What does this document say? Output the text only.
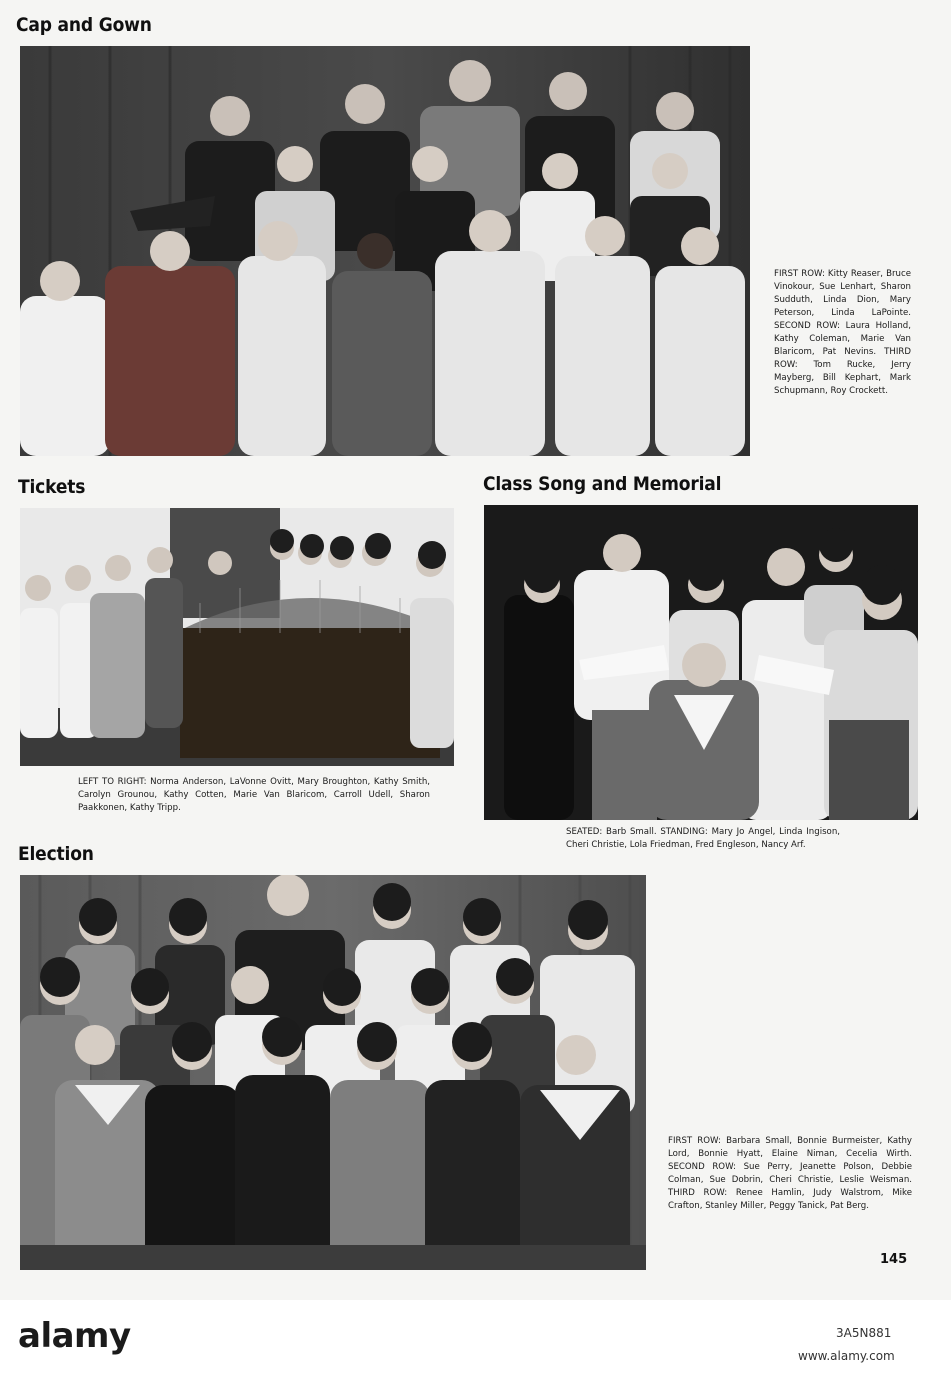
Cap and Gown
FIRST ROW: Kitty Reaser, Bruce Vinokour, Sue Lenhart, Sharon Sudduth, Linda Dion, Mary Peterson, Linda LaPointe. SECOND ROW: Laura Holland, Kathy Coleman, Marie Van Blaricom, Pat Nevins. THIRD ROW: Tom Rucke, Jerry Mayberg, Bill Kephart, Mark Schupmann, Roy Crockett.
Tickets
LEFT TO RIGHT: Norma Anderson, LaVonne Ovitt, Mary Broughton, Kathy Smith, Carolyn Grounou, Kathy Cotten, Marie Van Blaricom, Carroll Udell, Sharon Paakkonen, Kathy Tripp.
Class Song and Memorial
SEATED: Barb Small. STANDING: Mary Jo Angel, Linda Ingison, Cheri Christie, Lola Friedman, Fred Engleson, Nancy Arf.
Election
FIRST ROW: Barbara Small, Bonnie Burmeister, Kathy Lord, Bonnie Hyatt, Elaine Niman, Cecelia Wirth. SECOND ROW: Sue Perry, Jeanette Polson, Debbie Colman, Sue Dobrin, Cheri Christie, Leslie Weisman. THIRD ROW: Renee Hamlin, Judy Walstrom, Mike Crafton, Stanley Miller, Peggy Tanick, Pat Berg.
145
alamy	3A5N881
www.alamy.com
